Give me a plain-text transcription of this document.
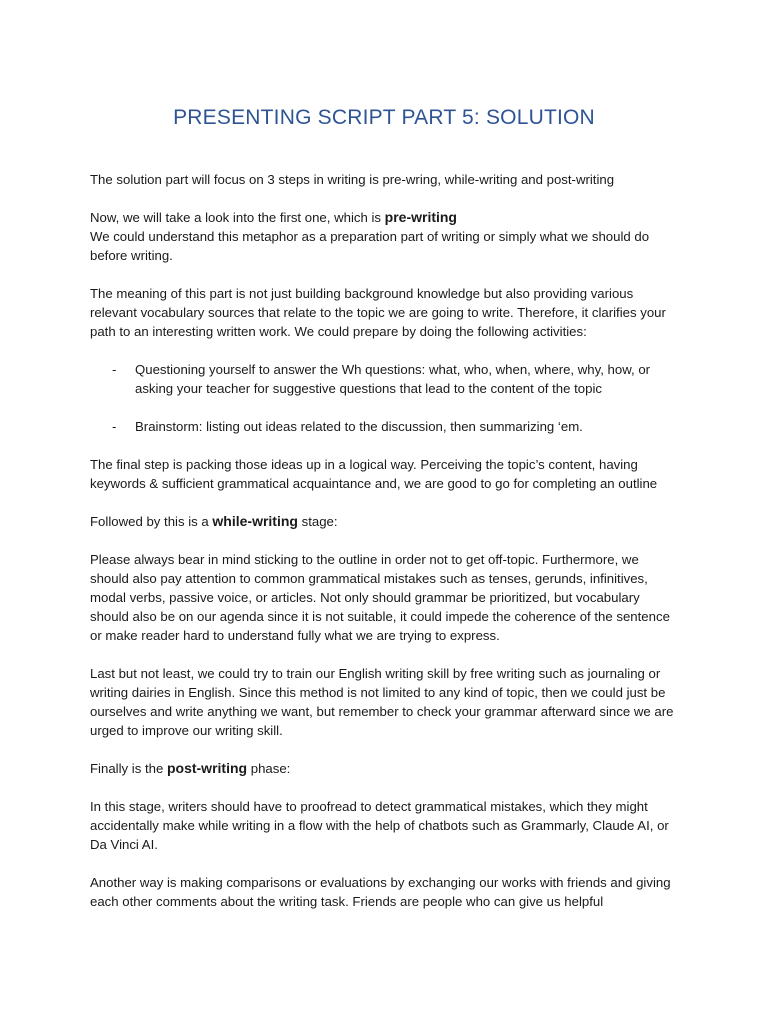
PRESENTING SCRIPT PART 5: SOLUTION

The solution part will focus on 3 steps in writing is pre-wring, while-writing and post-writing

Now, we will take a look into the first one, which is pre-writing
We could understand this metaphor as a preparation part of writing or simply what we should do before writing.

The meaning of this part is not just building background knowledge but also providing various relevant vocabulary sources that relate to the topic we are going to write. Therefore, it clarifies your path to an interesting written work. We could prepare by doing the following activities:

- Questioning yourself to answer the Wh questions: what, who, when, where, why, how, or asking your teacher for suggestive questions that lead to the content of the topic
- Brainstorm: listing out ideas related to the discussion, then summarizing ‘em.

The final step is packing those ideas up in a logical way. Perceiving the topic’s content, having keywords & sufficient grammatical acquaintance and, we are good to go for completing an outline

Followed by this is a while-writing stage:

Please always bear in mind sticking to the outline in order not to get off-topic. Furthermore, we should also pay attention to common grammatical mistakes such as tenses, gerunds, infinitives, modal verbs, passive voice, or articles. Not only should grammar be prioritized, but vocabulary should also be on our agenda since it is not suitable, it could impede the coherence of the sentence or make reader hard to understand fully what we are trying to express.

Last but not least, we could try to train our English writing skill by free writing such as journaling or writing dairies in English. Since this method is not limited to any kind of topic, then we could just be ourselves and write anything we want, but remember to check your grammar afterward since we are urged to improve our writing skill.

Finally is the post-writing phase:

In this stage, writers should have to proofread to detect grammatical mistakes, which they might accidentally make while writing in a flow with the help of chatbots such as Grammarly, Claude AI, or Da Vinci AI.

Another way is making comparisons or evaluations by exchanging our works with friends and giving each other comments about the writing task. Friends are people who can give us helpful
